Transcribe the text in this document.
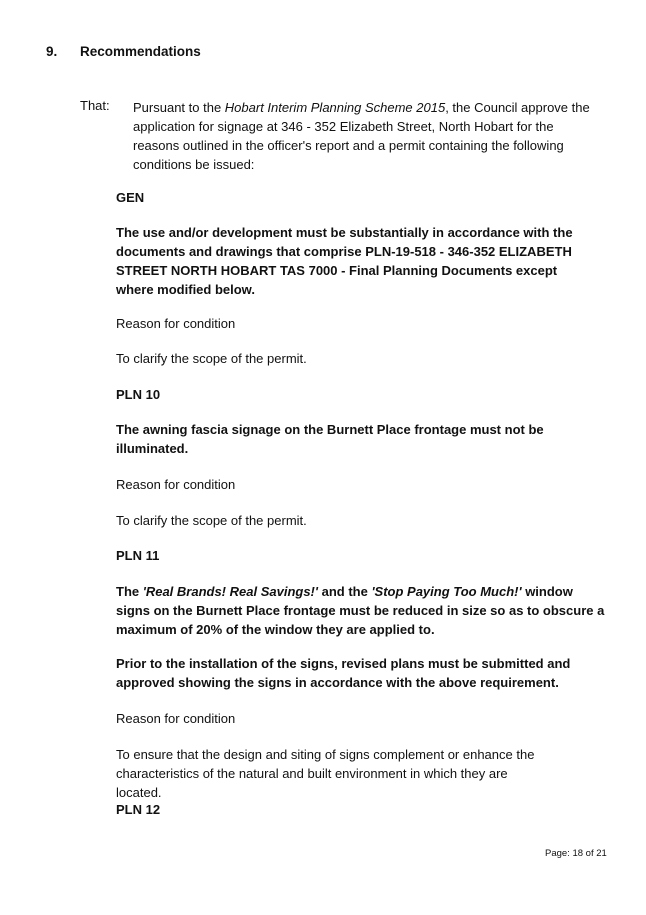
9. Recommendations
That: Pursuant to the Hobart Interim Planning Scheme 2015, the Council approve the application for signage at 346 - 352 Elizabeth Street, North Hobart for the reasons outlined in the officer's report and a permit containing the following conditions be issued:
GEN
The use and/or development must be substantially in accordance with the documents and drawings that comprise PLN-19-518 - 346-352 ELIZABETH STREET NORTH HOBART TAS 7000 - Final Planning Documents except where modified below.
Reason for condition
To clarify the scope of the permit.
PLN 10
The awning fascia signage on the Burnett Place frontage must not be illuminated.
Reason for condition
To clarify the scope of the permit.
PLN 11
The 'Real Brands! Real Savings!' and the 'Stop Paying Too Much!' window signs on the Burnett Place frontage must be reduced in size so as to obscure a maximum of 20% of the window they are applied to.
Prior to the installation of the signs, revised plans must be submitted and approved showing the signs in accordance with the above requirement.
Reason for condition
To ensure that the design and siting of signs complement or enhance the characteristics of the natural and built environment in which they are located.
PLN 12
Page: 18 of 21
